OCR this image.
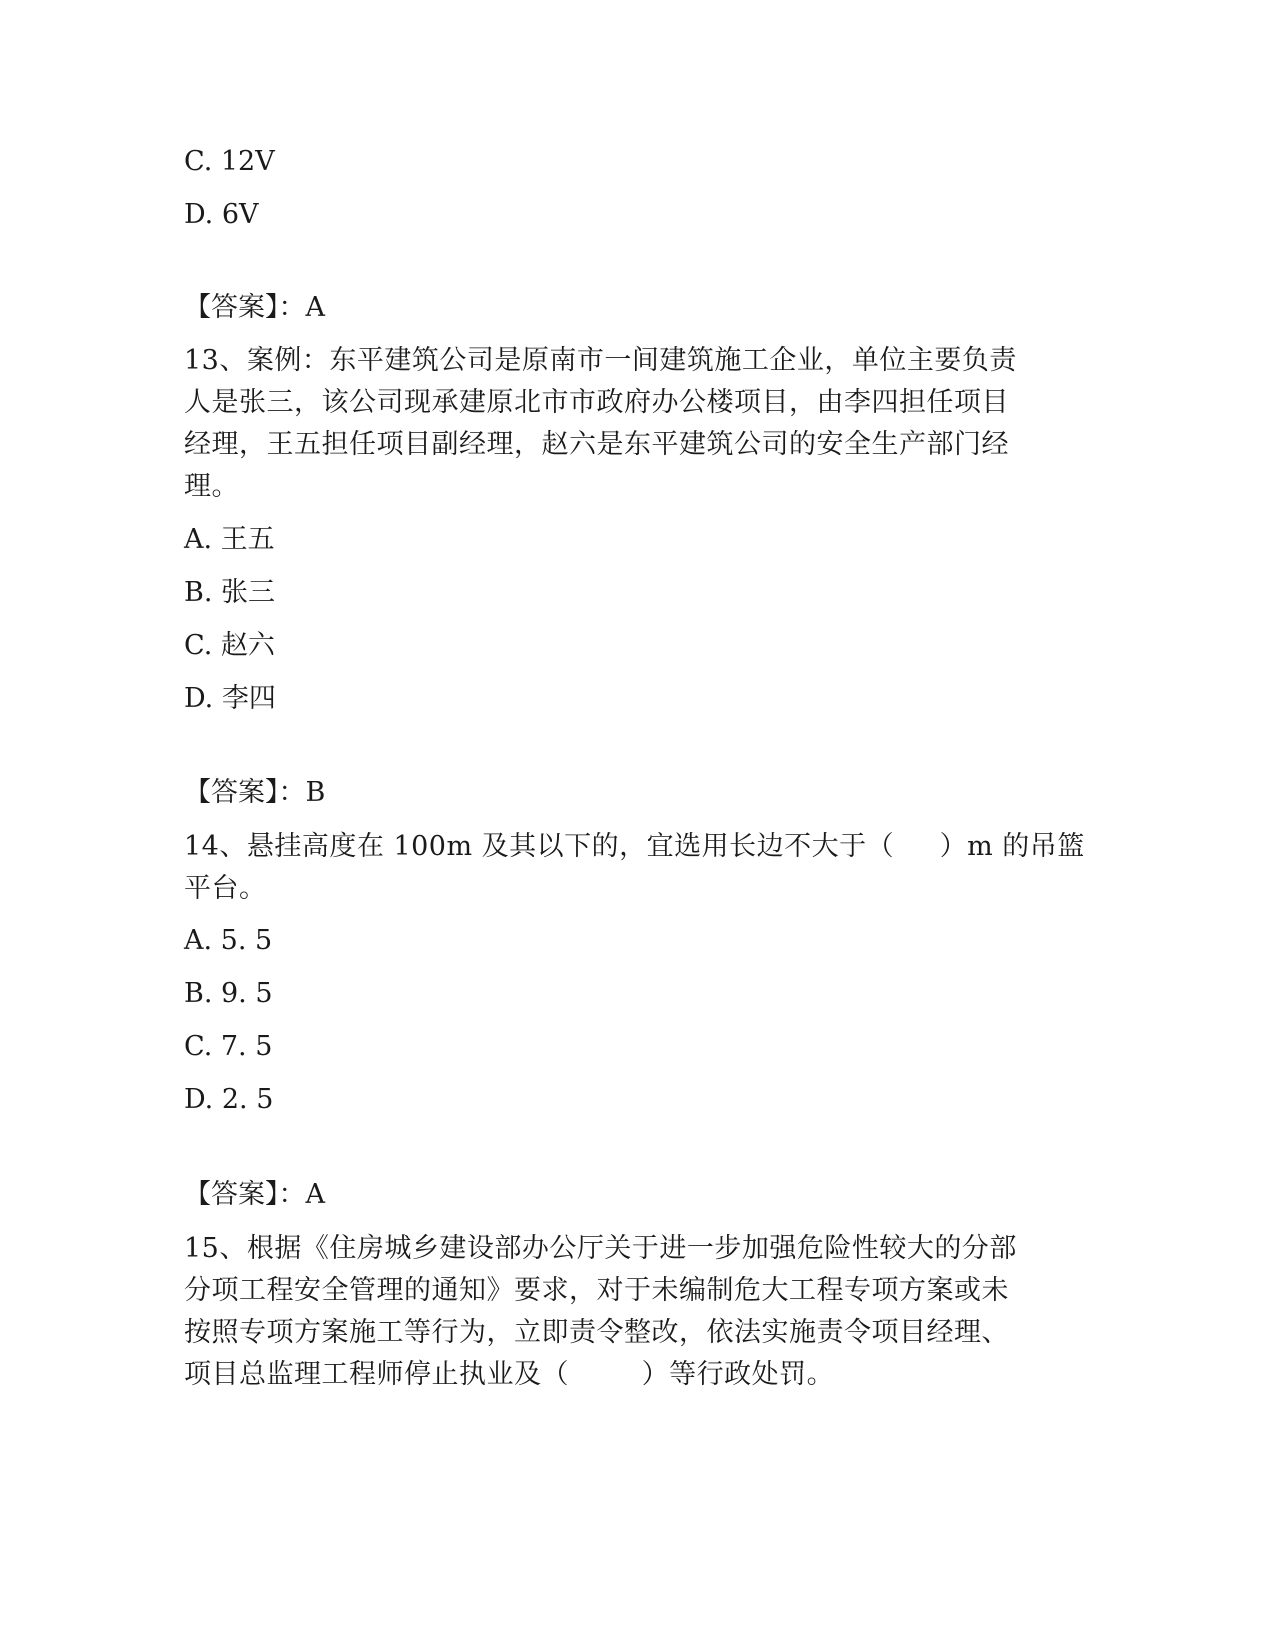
C. 12V
D. 6V
【答案】：A
13、案例：东平建筑公司是原南市一间建筑施工企业，单位主要负责
人是张三，该公司现承建原北市市政府办公楼项目，由李四担任项目
经理，王五担任项目副经理，赵六是东平建筑公司的安全生产部门经
理。
A. 王五
B. 张三
C. 赵六
D. 李四
【答案】：B
14、悬挂高度在 100m 及其以下的，宜选用长边不大于（     ）m 的吊篮
平台。
A. 5. 5
B. 9. 5
C. 7. 5
D. 2. 5
【答案】：A
15、根据《住房城乡建设部办公厅关于进一步加强危险性较大的分部
分项工程安全管理的通知》要求，对于未编制危大工程专项方案或未
按照专项方案施工等行为，立即责令整改，依法实施责令项目经理、
项目总监理工程师停止执业及（        ）等行政处罚。
